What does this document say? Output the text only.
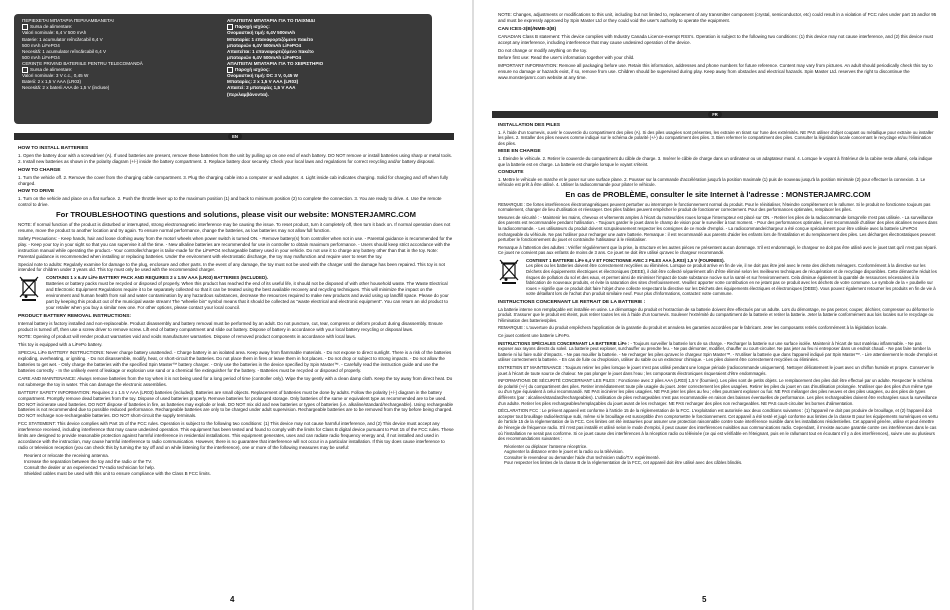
ΠΕΡΙΕΧΕΤΑΙ ΜΠΑΤΑΡΙΑ ΠΕΡΙΛΑΜΒΑΝΕΤΑΙ
Sursa de alimentare:
Valori nominale: 6,4 V 500 mAh
Baterie: 1 acumulator reîncărcabil 6,4 V
500 mAh LiFePO4
Necesită: 1 acumulator reîncărcabil 6,4 V
500 mAh LiFePO4
CERINȚE PRIVIND BATERIILE PENTRU TELECOMANDĂ
Sursa de alimentare:
Valori nominale: 3 V c.c., 0,45 W
Baterii: 2 x 1,5 V AAA (LR03)
Necesită: 2 x baterii AAA de 1,5 V (incluse)
ΑΠΑΙΤΕΙΤΑΙ ΜΠΑΤΑΡΙΑ ΓΙΑ ΤΟ ΠΑΙΧΝΙΔΙ
Παροχή ισχύος:
Ονομαστική τιμή: 6,4V 500mAh
Μπαταρία: 1 επαναφορτιζόμενο πακέτο
μπαταριών 6,4V 500mAh LiFePO4
Απαιτείται: 1 επαναφορτιζόμενο πακέτο
μπαταριών 6,4V 500mAh LiFePO4
ΑΠΑΙΤΕΙΤΑΙ ΜΠΑΤΑΡΙΑ ΓΙΑ ΤΟ ΧΕΙΡΙΣΤΗΡΙΟ
Παροχή ισχύος:
Ονομαστική τιμή: DC 3 V, 0,45 W
Μπαταρίες: 2 x 1,5 V AAA (LR03)
Απαιτεί: 2 μπαταρίες 1,5 V AAA
(περιλαμβάνονται).
EN
HOW TO INSTALL BATTERIES

1. Open the battery door with a screwdriver (A). If used batteries are present, remove these batteries from the unit by pulling up on one end of each battery. DO NOT remove or install batteries using sharp or metal tools. 2. Install new batteries as shown in the polarity diagram (+/-) inside the battery compartment. 3. Replace battery door securely. Check your local laws and regulations for correct recycling and/or battery disposal.

HOW TO CHARGE

1. Turn the vehicle off. 2. Remove the cover from the charging cable compartment. 3. Plug the charging cable into a computer or wall adapter. 4. Light inside cab indicates charging. Solid for charging and off when fully charged.

HOW TO DRIVE

1. Turn on the vehicle and place on a flat surface. 2. Push the throttle lever up to the maximum position (1) and back to minimum position (2) to complete the connection. 3. You are ready to drive. 4. Use the remote control to drive.

For TROUBLESHOOTING questions and solutions, please visit our website: MONSTERJAMRC.COM

NOTE: If normal function of the product is disturbed or interrupted, strong electromagnetic interference may be causing the issue. To reset product, turn it completely off, then turn it back on. If normal operation does not resume, move the product to another location and try again. To ensure normal performance, change the batteries, as low batteries may not allow full function.

Safety Precautions: - Keep hands, hair and loose clothing away from the motor/ wheels when power switch is turned ON. - Remove battery(s) from controller when not in use. - Parental guidance is recommended for the play. - Keep your toy in your sight so that you can supervise it all the time. - New alkaline batteries are recommended for use in controller to obtain maximum performance. - Users should keep strict accordance with the instruction manual while operating the product.- Your controller/charger is tailor-made for the LiFePO4 rechargeable battery used in your vehicle. Do not use it to charge any battery other than that in the toy. Note: Parental guidance is recommended when installing or replacing batteries. Under the environment with electrostatic discharge, the toy may malfunction and require user to reset the toy.

Special note to adults: Regularly examine for damage to the plug, enclosure and other parts. In the event of any damage, the toy must not be used with the charger until the damage has been repaired. This toy is not intended for children under 3 years old. This toy must only be used with the recommended charger.

CONTAINS 1 x 6.4V LiFe BATTERY PACK AND REQUIRES 2 x 1.5V AAA (LR03) BATTERIES (INCLUDED).
Batteries or battery packs must be recycled or disposed of properly. When this product has reached the end of its useful life, it should not be disposed of with other household waste. The Waste Electrical and Electronic Equipment Regulations require it to be separately collected so that it can be treated using the best available recovery and recycling techniques. This will minimize the impact on the environment and human health from soil and water contamination by any hazardous substances, decrease the resources required to make new products and avoid using up landfill space. Please do your part by keeping this product out of the municipal waste stream! The "wheelie bin" symbol means that it should be collected as "waste electrical and electronic equipment". You can return an old product to your retailer when you buy a similar new one. For other options, please contact your local council.
PRODUCT BATTERY REMOVAL INSTRUCTIONS:

Internal battery is factory installed and non-replaceable. Product disassembly and battery removal must be performed by an adult. Do not puncture, cut, tear, compress or deform product during disassembly. Ensure product is turned off, then use a screw driver to remove screw. Lift end of battery compartment and slide out battery. Dispose of battery in accordance with your local battery recycling or disposal laws.

NOTE: Opening of product will render product warranties void and voids manufacturer warranties. Dispose of removed product components in accordance with local laws.

This toy is equipped with a LiFePo battery.

SPECIAL LiFe BATTERY INSTRUCTIONS: Never charge battery unattended. - Charge battery in an isolated area. Keep away from flammable materials. - Do not expose to direct sunlight. There is a risk of the batteries exploding, overheating, or igniting. - Do not disassemble, modify, heat, or short-circuit the batteries. Do not place them in fires or leave them in hot places. - Do not drop or subject to strong impacts. - Do not allow the batteries to get wet. - Only charge the batteries with the specified Spin Master™ battery charger. - Only use the batteries in the device specified by Spin Master™. - Carefully read the instruction guide and use the batteries correctly. - In the unlikely event of leakage or explosion use sand or a chemical fire extinguisher for the battery. - Batteries must be recycled or disposed of properly.

CARE AND MAINTENANCE: Always remove batteries from the toy when it is not being used for a long period of time (controller only). Wipe the toy gently with a clean damp cloth. Keep the toy away from direct heat. Do not submerge the toy in water. This can damage the electronic assemblies.

BATTERY SAFETY INFORMATION: Requires 2 x 1.5 V AAA (LR03) batteries (included). Batteries are small objects. Replacement of batteries must be done by adults. Follow the polarity (+/-) diagram in the battery compartment. Promptly remove dead batteries from the toy. Dispose of used batteries properly. Remove batteries for prolonged storage. Only batteries of the same or equivalent type as recommended are to be used. DO NOT incinerate used batteries. DO NOT dispose of batteries in fire, as batteries may explode or leak. DO NOT mix old and new batteries or types of batteries (i.e. alkaline/standard/rechargeable). Using rechargeable batteries is not recommended due to possible reduced performance. Rechargeable batteries are only to be charged under adult supervision. Rechargeable batteries are to be removed from the toy before being charged. DO NOT recharge non-rechargeable batteries. DO NOT short-circuit the supply terminals.

FCC STATEMENT: This device complies with Part 15 of the FCC rules. Operation is subject to the following two conditions: (1) This device may not cause harmful interference, and (2) This device must accept any interference received, including interference that may cause undesired operation. This equipment has been tested and found to comply with the limits for Class B digital device pursuant to Part 15 of the FCC rules. These limits are designed to provide reasonable protection against harmful interference in residential installations. This equipment generates, uses and can radiate radio frequency energy and, if not installed and used in accordance with the instruction, may cause harmful interference to radio communication. However, there is no guarantee that interference will not occur in a particular installation. If this toy does cause interference to radio or television reception (you can check this by turning the toy off and on while listening for the interference), one or more of the following measures may be useful:

• Reorient or relocate the receiving antenna.
• Increase the separation between the toy and the radio or the TV.
• Consult the dealer or an experienced TV-radio technician for help.
• Shielded cables must be used with this unit to ensure compliance with the Class B FCC limits.
4

NOTE: Changes, adjustments or modifications to this unit, including but not limited to, replacement of any transmitter component (crystal, semiconductor, etc) could result in a violation of FCC rules under part 15 and/or 95 and must be expressly approved by Spin Master Ltd or they could void the user's authority to operate the equipment.

CAN ICES-3(B)/NMB-3(B)

CANADIAN Class B statement: This device complies with Industry Canada Licence-exempt RSS's. Operation is subject to the following two conditions: (1) this device may not cause interference, and (2) this device must accept any interference, including interference that may cause undesired operation of the device.

Do not change or modify anything on the toy.

Before first use: Read the user's information together with your child.

IMPORTANT INFORMATION: Remove all packaging before use. Retain this information, addresses and phone numbers for future reference. Content may vary from pictures. An adult should periodically check this toy to ensure no damage or hazards exist, if so, remove from use. Children should be supervised during play. Keep away from obstacles and electrical hazards. Spin Master Ltd. reserves the right to discontinue the www.monsterjamrc.com website at any time.

FR
INSTALLATION DES PILES

1. À l'aide d'un tournevis, ouvrir le couvercle du compartiment des piles (A). Si des piles usagées sont présentes, les extraire en tirant sur l'une des extrémités. NE PAS utiliser d'objet coupant ou métallique pour extraire ou installer les piles. 2. Installer des piles neuves comme indiqué sur le schéma de polarité (+/-) du compartiment des piles. 3. Bien refermer le compartiment des piles. Consulter la législation locale concernant le recyclage et/ou l'élimination des piles.

MISE EN CHARGE

1. Éteindre le véhicule. 2. Retirer le couvercle du compartiment du câble de charge. 3. Insérer le câble de charge dans un ordinateur ou un adaptateur mural. 4. Lorsque le voyant à l'intérieur de la cabine reste allumé, cela indique que la batterie est en charge. La batterie est chargée lorsque le voyant s'éteint.

CONDUITE

1. Mettre le véhicule en marche et le poser sur une surface plane. 2. Pousser sur la commande d'accélération jusqu'à la position maximale (1) puis de nouveau jusqu'à la position minimale (2) pour effectuer la connexion. 3. Le véhicule est prêt à être utilisé. 4. Utiliser la radiocommande pour piloter le véhicule.

En cas de PROBLÈME, consulter le site Internet à l'adresse : MONSTERJAMRC.COM

REMARQUE : De fortes interférences électromagnétiques peuvent perturber ou interrompre le fonctionnement normal du produit. Pour le réinitialiser, l'éteindre complètement et le rallumer. Si le produit ne fonctionne toujours pas normalement, changer de lieu d'utilisation et réessayer. Des piles faibles peuvent empêcher le produit de fonctionner correctement. Pour des performances optimales, remplacer les piles.

Mesures de sécurité : - Maintenir les mains, cheveux et vêtements amples à l'écart du moteur/des roues lorsque l'interrupteur est placé sur ON. - Retirer les piles de la radiocommande lorsqu'elle n'est pas utilisée. - La surveillance des parents est recommandée pendant l'utilisation. - Toujours garder le jouet dans le champ de vision pour le surveiller à tout moment. - Pour des performances optimales, il est recommandé d'utiliser des piles alcalines neuves dans la radiocommande. - Les utilisateurs du produit doivent scrupuleusement respecter les consignes de ce mode d'emploi. - La radiocommande/chargeur a été conçue spécialement pour être utilisée avec la batterie LiFePO4 rechargeable du véhicule. Ne pas l'utiliser pour recharger une autre batterie. Remarque : il est recommandé aux parents d'aider les enfants lors de l'installation et du remplacement des piles. Les décharges électrostatiques peuvent perturber le fonctionnement du jouet et contraindre l'utilisateur à le réinitialiser.

Remarque à l'attention des adultes : Vérifier régulièrement que la prise, la structure et les autres pièces ne présentent aucun dommage. S'il est endommagé, le chargeur ne doit pas être utilisé avec le jouet tant qu'il n'est pas réparé. Ce jouet ne convient pas aux enfants de moins de 3 ans. Ce jouet ne doit être utilisé qu'avec le chargeur recommandé.

CONTIENT 1 BATTERIE LiFe 6,4 V ET FONCTIONNE AVEC 2 PILES AAA (LR03) 1,5 V (FOURNIES).
Les piles ou les batteries doivent être correctement recyclées ou éliminées. Lorsque ce produit arrive en fin de vie, il ne doit pas être jeté avec le reste des déchets ménagers. Conformément à la directive sur les Déchets des équipements électriques et électroniques (DEEE), il doit être collecté séparément afin d'être éliminé selon les meilleures techniques de récupération et de recyclage disponibles. Cette démarche réduit les risques de pollution du sol et des eaux, et permet ainsi de minimiser l'impact de toute substance nocive sur la santé et sur l'environnement. Cela diminue également la quantité de ressources nécessaires à la fabrication de nouveaux produits, et évite la saturation des sites d'enfouissement. Veuillez apporter votre contribution en ne jetant pas ce produit avec les déchets de votre commune. Le symbole de la « poubelle sur roues » signifie que ce produit doit faire l'objet d'une collecte respectant la directive sur les Déchets des équipements électriques et électroniques (DEEE). Vous pouvez également retourner les produits en fin de vie à votre détaillant lors de l'achat d'un produit similaire neuf. Pour plus d'informations, contactez votre commune.
INSTRUCTIONS CONCERNANT LE RETRAIT DE LA BATTERIE :

La batterie interne non remplaçable est installée en usine. Le démontage du produit et l'extraction de sa batterie doivent être effectués par un adulte. Lors du démontage, ne pas percer, couper, déchirer, compresser ou déformer le produit. S'assurer que le produit est éteint, puis retirer toutes les vis à l'aide d'un tournevis. Soulever l'extrémité du compartiment de la batterie et retirer la batterie. Jeter la batterie conformément aux lois locales sur le recyclage ou l'élimination des batteries/piles.

REMARQUE : L'ouverture du produit empêchera l'application de la garantie du produit et annulera les garanties accordées par le fabricant. Jeter les composants retirés conformément à la législation locale.

Ce jouet contient une batterie LiFePo.

INSTRUCTIONS SPÉCIALES CONCERNANT LA BATTERIE LiFe : - Toujours surveiller la batterie lors de sa charge. - Recharger la batterie sur une surface isolée. Maintenir à l'écart de tout matériau inflammable. - Ne pas exposer aux rayons directs du soleil. La batterie peut exploser, surchauffer ou prendre feu. - Ne pas démonter, modifier, chauffer ou court-circuiter. Ne pas jeter au feu ni entreposer dans un endroit chaud. - Ne pas faire tomber la batterie ni lui faire subir d'impacts. - Ne pas mouiller la batterie. - Ne recharger les piles qu'avec le chargeur Spin Master™. - N'utiliser la batterie que dans l'appareil indiqué par Spin Master™. - Lire attentivement le mode d'emploi et utiliser correctement la batterie. - En cas de fuite ou d'explosion, utiliser du sable ou un extincteur chimique. - Les piles doivent être correctement recyclées ou éliminées.

ENTRETIEN ET MAINTENANCE : Toujours retirer les piles lorsque le jouet n'est pas utilisé pendant une longue période (radiocommande uniquement). Nettoyer délicatement le jouet avec un chiffon humide et propre. Conserver le jouet à l'écart de toute source de chaleur. Ne pas plonger le jouet dans l'eau ; les composants électroniques risqueraient d'être endommagés.

INFORMATIONS DE SÉCURITÉ CONCERNANT LES PILES : Fonctionne avec 2 piles AAA (LR03) 1,5 V (fournies). Les piles sont de petits objets. Le remplacement des piles doit être effectué par un adulte. Respecter le schéma de polarité (+/-) du compartiment des piles. Retirer immédiatement toute pile usagée du jouet. Jeter correctement les piles usagées. Retirer les piles du jouet en cas d'inutilisation prolongée. N'utiliser que des piles d'un même type ou d'un type équivalent à celui recommandé. NE PAS incinérer les piles usagées. NE PAS jeter les piles au feu ; elles pourraient exploser ou fuir. NE PAS mélanger des piles neuves et des piles usagées, ou des piles de types différents (par : alcalines/standard/rechargeables). L'utilisation de piles rechargeables n'est pas recommandée en raison des baisses éventuelles de performance. Les piles rechargeables doivent être rechargées sous la surveillance d'un adulte. Retirer les piles rechargeables/remplaçables du jouet avant de les recharger. NE PAS recharger des piles non rechargeables. NE PAS court-circuiter les bornes d'alimentation.

DÉCLARATION FCC : Le présent appareil est conforme à l'article 15 de la réglementation de la FCC. L'exploitation est autorisée aux deux conditions suivantes : (1) l'appareil ne doit pas produire de brouillage, et (2) l'appareil doit accepter tout brouillage radioélectrique subi, même si le brouillage est susceptible d'en compromettre le fonctionnement. Cet appareil a été testé et jugé conforme aux limites de la classe B pour les équipements numériques en vertu de l'article 15 de la réglementation de la FCC. Ces limites ont été instaurées pour assurer une protection raisonnable contre toute interférence nuisible dans les installations résidentielles. Cet appareil génère, utilise et peut émettre de l'énergie de fréquence radio. S'il n'est pas installé et utilisé selon le mode d'emploi, il peut causer des interférences nuisibles aux communications radio. Cependant, il n'existe aucune garantie contre ces interférences dans le cas où l'installation ne serait pas conforme. Si ce jouet cause des interférences à la réception radio ou télévisée (ce qui est vérifiable en l'éteignant, puis en le rallumant tout en écoutant s'il y a des interférences), suivre une ou plusieurs des recommandations suivantes :

• Réorienter ou déplacer l'antenne réceptrice.
• Augmenter la distance entre le jouet et la radio ou la télévision.
• Consulter le revendeur ou demander l'aide d'un technicien radio/T.V. expérimenté.
• Pour respecter les limites de la classe B de la réglementation de la FCC, cet appareil doit être utilisé avec des câbles blindés.
5
